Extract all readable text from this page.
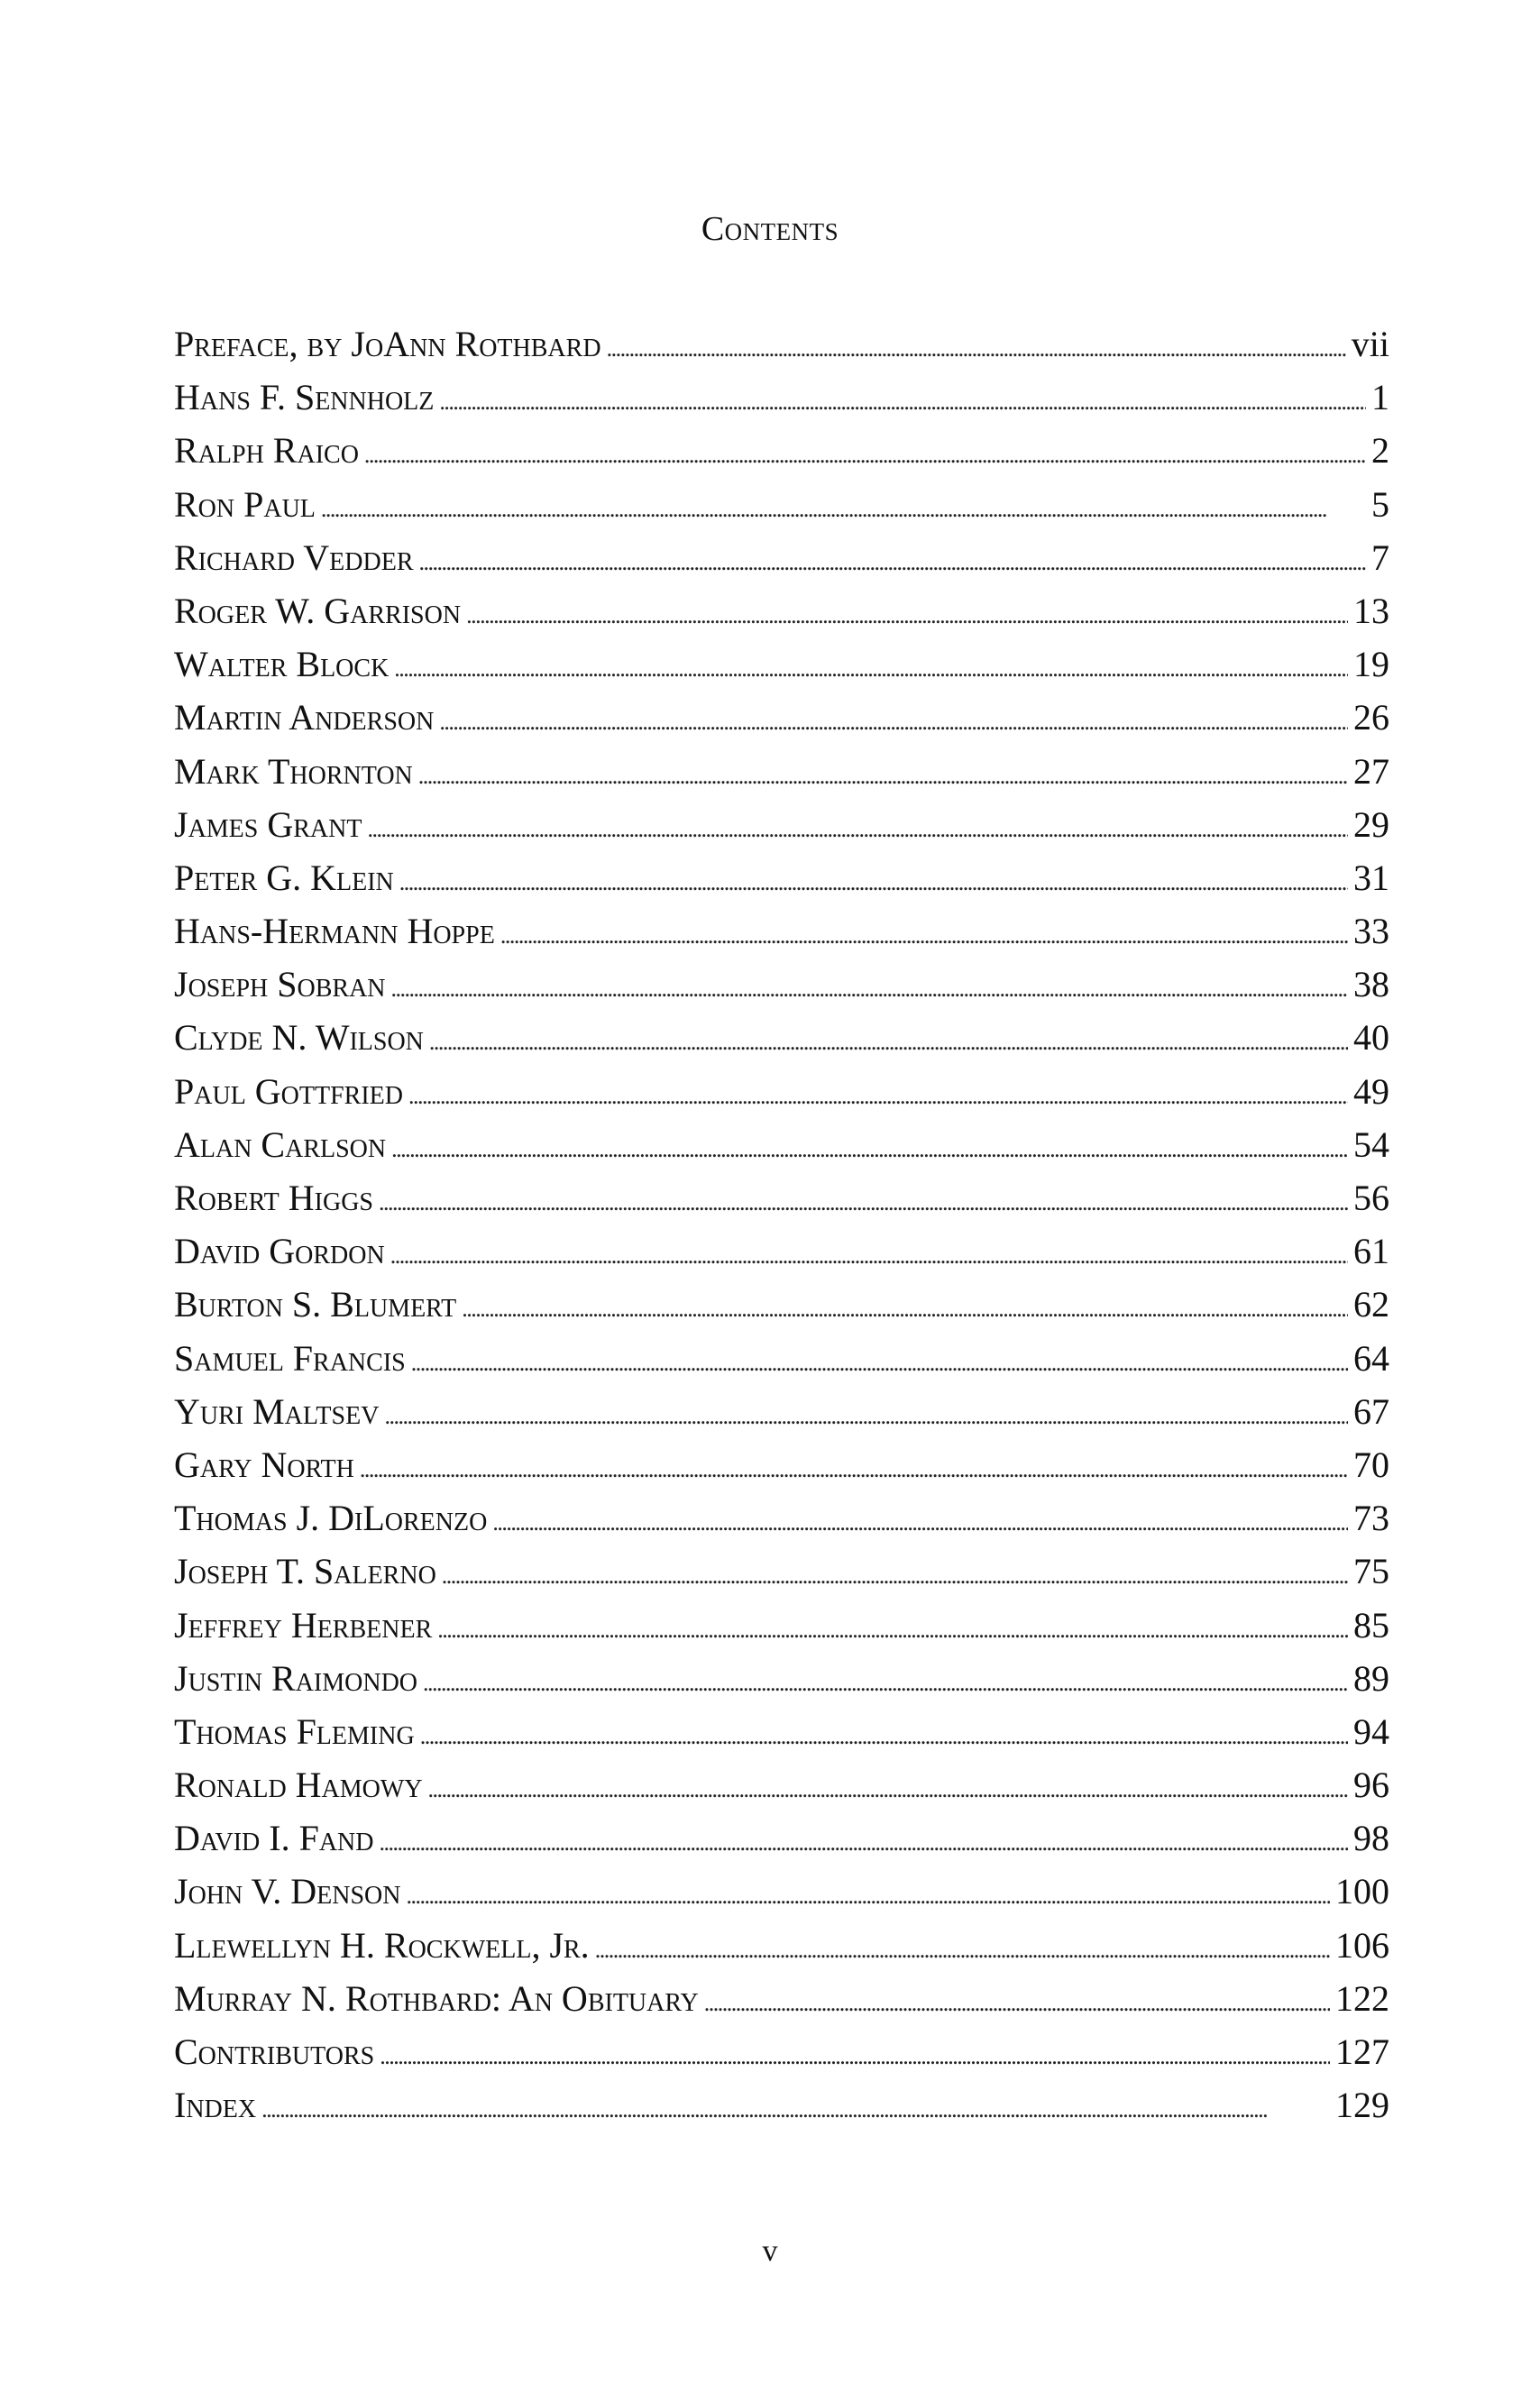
Contents
Preface, by JoAnn Rothbard . . .	vii
Hans F. Sennholz . . .	1
Ralph Raico . . .	2
Ron Paul . . .	5
Richard Vedder . . .	7
Roger W. Garrison . . .	13
Walter Block . . .	19
Martin Anderson . . .	26
Mark Thornton . . .	27
James Grant . . .	29
Peter G. Klein . . .	31
Hans-Hermann Hoppe . . .	33
Joseph Sobran . . .	38
Clyde N. Wilson . . .	40
Paul Gottfried . . .	49
Alan Carlson . . .	54
Robert Higgs . . .	56
David Gordon . . .	61
Burton S. Blumert . . .	62
Samuel Francis . . .	64
Yuri Maltsev . . .	67
Gary North . . .	70
Thomas J. DiLorenzo . . .	73
Joseph T. Salerno . . .	75
Jeffrey Herbener . . .	85
Justin Raimondo . . .	89
Thomas Fleming . . .	94
Ronald Hamowy . . .	96
David I. Fand . . .	98
John V. Denson . . .	100
Llewellyn H. Rockwell, Jr. . . .	106
Murray N. Rothbard: An Obituary . . .	122
Contributors . . .	127
Index . . .	129
v
